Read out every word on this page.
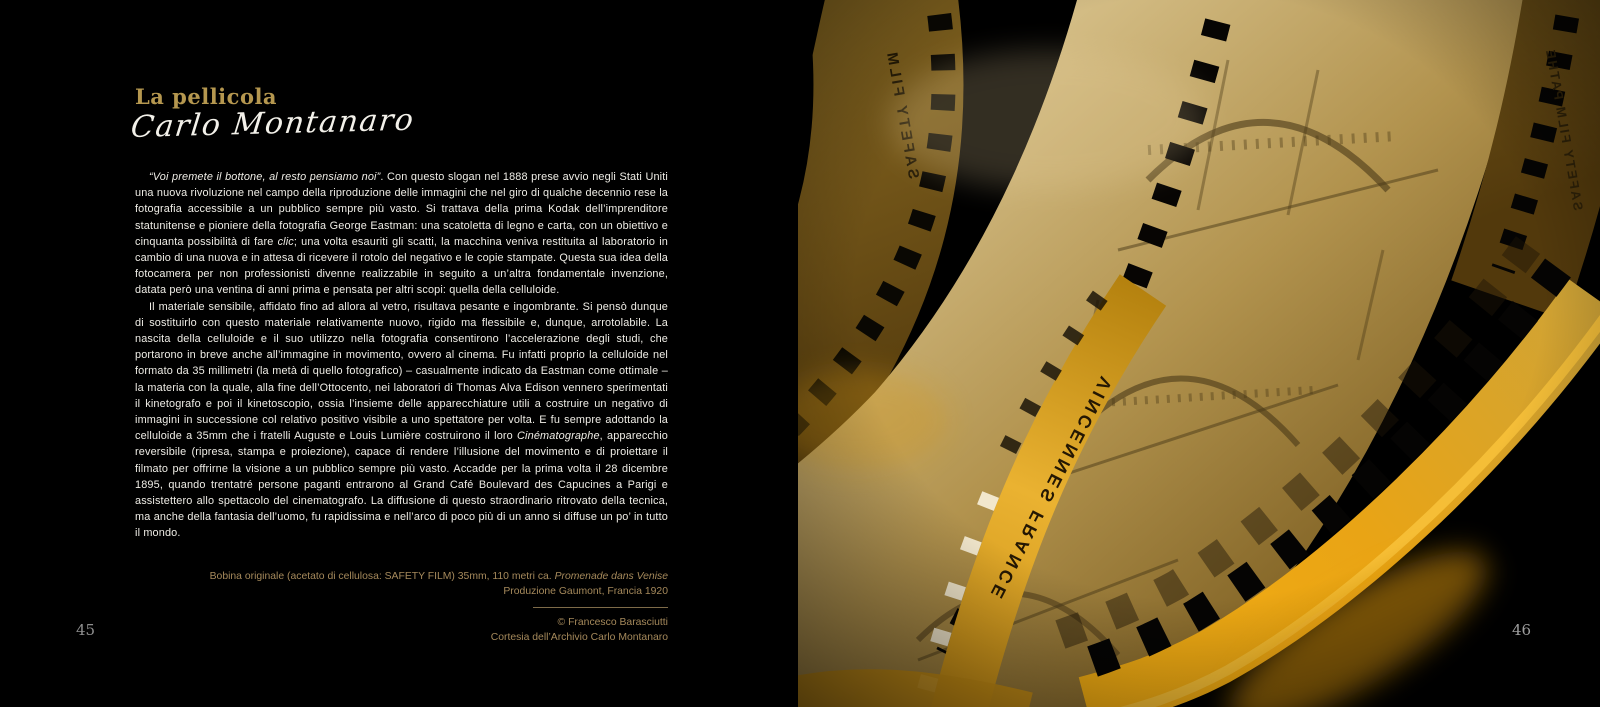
La pellicola
Carlo Montanaro

“Voi premete il bottone, al resto pensiamo noi”. Con questo slogan nel 1888 prese avvio negli Stati Uniti una nuova rivoluzione nel campo della riproduzione delle immagini che nel giro di qualche decennio rese la fotografia accessibile a un pubblico sempre più vasto. Si trattava della prima Kodak dell’imprenditore statunitense e pioniere della fotografia George Eastman: una scatoletta di legno e carta, con un obiettivo e cinquanta possibilità di fare clic; una volta esauriti gli scatti, la macchina veniva restituita al laboratorio in cambio di una nuova e in attesa di ricevere il rotolo del negativo e le copie stampate. Questa sua idea della fotocamera per non professionisti divenne realizzabile in seguito a un’altra fondamentale invenzione, datata però una ventina di anni prima e pensata per altri scopi: quella della celluloide.

Il materiale sensibile, affidato fino ad allora al vetro, risultava pesante e ingombrante. Si pensò dunque di sostituirlo con questo materiale relativamente nuovo, rigido ma flessibile e, dunque, arrotolabile. La nascita della celluloide e il suo utilizzo nella fotografia consentirono l’accelerazione degli studi, che portarono in breve anche all’immagine in movimento, ovvero al cinema. Fu infatti proprio la celluloide nel formato da 35 millimetri (la metà di quello fotografico) – casualmente indicato da Eastman come ottimale – la materia con la quale, alla fine dell’Ottocento, nei laboratori di Thomas Alva Edison vennero sperimentati il kinetografo e poi il kinetoscopio, ossia l’insieme delle apparecchiature utili a costruire un negativo di immagini in successione col relativo positivo visibile a uno spettatore per volta. E fu sempre adottando la celluloide a 35mm che i fratelli Auguste e Louis Lumière costruirono il loro Cinématographe, apparecchio reversibile (ripresa, stampa e proiezione), capace di rendere l’illusione del movimento e di proiettare il filmato per offrirne la visione a un pubblico sempre più vasto. Accadde per la prima volta il 28 dicembre 1895, quando trentatré persone paganti entrarono al Grand Café Boulevard des Capucines a Parigi e assistettero allo spettacolo del cinematografo. La diffusione di questo straordinario ritrovato della tecnica, ma anche della fantasia dell’uomo, fu rapidissima e nell’arco di poco più di un anno si diffuse un po’ in tutto il mondo.

Bobina originale (acetato di cellulosa: SAFETY FILM) 35mm, 110 metri ca. Promenade dans Venise
Produzione Gaumont, Francia 1920
© Francesco Barasciutti
Cortesia dell’Archivio Carlo Montanaro
45	46
